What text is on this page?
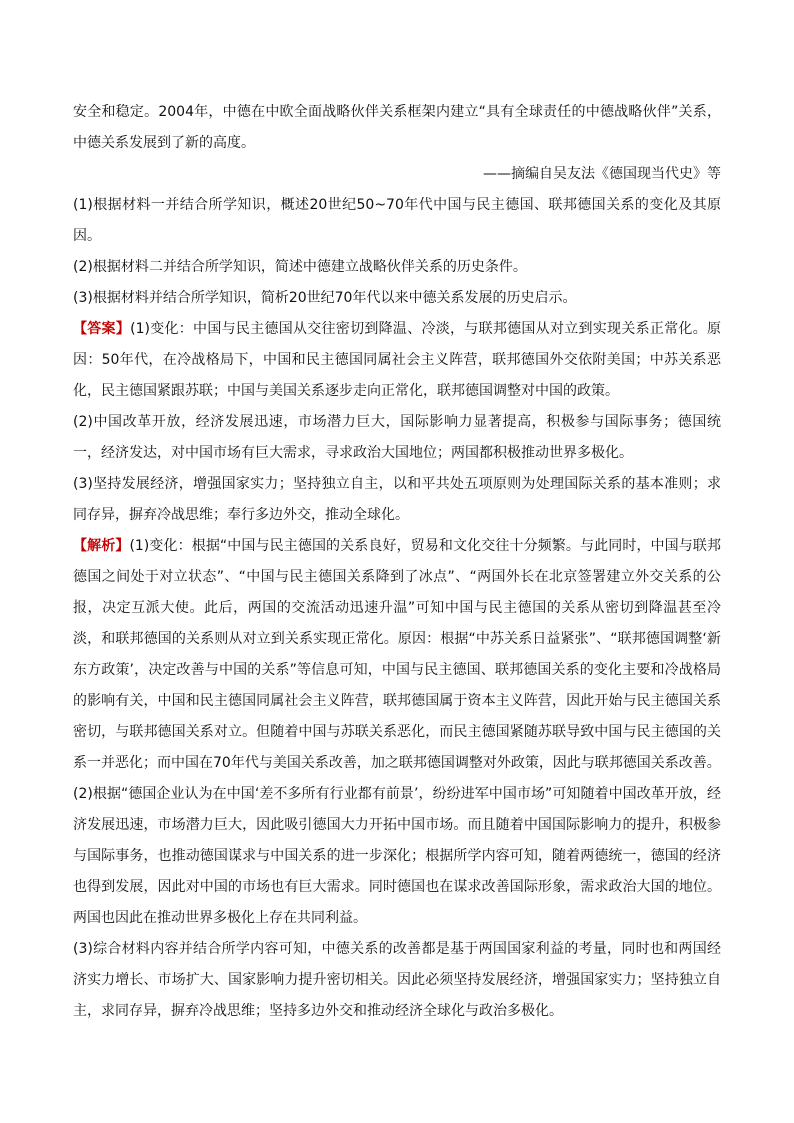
安全和稳定。2004年，中德在中欧全面战略伙伴关系框架内建立“具有全球责任的中德战略伙伴”关系，中德关系发展到了新的高度。

——摘编自吴友法《德国现当代史》等

(1)根据材料一并结合所学知识，概述20世纪50~70年代中国与民主德国、联邦德国关系的变化及其原因。

(2)根据材料二并结合所学知识，简述中德建立战略伙伴关系的历史条件。

(3)根据材料并结合所学知识，简析20世纪70年代以来中德关系发展的历史启示。

【答案】(1)变化：中国与民主德国从交往密切到降温、冷淡，与联邦德国从对立到实现关系正常化。原因：50年代，在冷战格局下，中国和民主德国同属社会主义阵营，联邦德国外交依附美国；中苏关系恶化，民主德国紧跟苏联；中国与美国关系逐步走向正常化，联邦德国调整对中国的政策。

(2)中国改革开放，经济发展迅速，市场潜力巨大，国际影响力显著提高，积极参与国际事务；德国统一，经济发达，对中国市场有巨大需求，寻求政治大国地位；两国都积极推动世界多极化。

(3)坚持发展经济，增强国家实力；坚持独立自主，以和平共处五项原则为处理国际关系的基本准则；求同存异，摒弃冷战思维；奉行多边外交，推动全球化。

【解析】(1)变化：根据“中国与民主德国的关系良好，贸易和文化交往十分频繁。与此同时，中国与联邦德国之间处于对立状态”、“中国与民主德国关系降到了冰点”、“两国外长在北京签署建立外交关系的公报，决定互派大使。此后，两国的交流活动迅速升温”可知中国与民主德国的关系从密切到降温甚至冷淡，和联邦德国的关系则从对立到关系实现正常化。原因：根据“中苏关系日益紧张”、“联邦德国调整‘新东方政策’，决定改善与中国的关系”等信息可知，中国与民主德国、联邦德国关系的变化主要和冷战格局的影响有关，中国和民主德国同属社会主义阵营，联邦德国属于资本主义阵营，因此开始与民主德国关系密切，与联邦德国关系对立。但随着中国与苏联关系恶化，而民主德国紧随苏联导致中国与民主德国的关系一并恶化；而中国在70年代与美国关系改善，加之联邦德国调整对外政策，因此与联邦德国关系改善。

(2)根据“德国企业认为在中国‘差不多所有行业都有前景’，纷纷进军中国市场”可知随着中国改革开放，经济发展迅速，市场潜力巨大，因此吸引德国大力开拓中国市场。而且随着中国国际影响力的提升，积极参与国际事务，也推动德国谋求与中国关系的进一步深化；根据所学内容可知，随着两德统一，德国的经济也得到发展，因此对中国的市场也有巨大需求。同时德国也在谋求改善国际形象，需求政治大国的地位。两国也因此在推动世界多极化上存在共同利益。

(3)综合材料内容并结合所学内容可知，中德关系的改善都是基于两国国家利益的考量，同时也和两国经济实力增长、市场扩大、国家影响力提升密切相关。因此必须坚持发展经济，增强国家实力；坚持独立自主，求同存异，摒弃冷战思维；坚持多边外交和推动经济全球化与政治多极化。
